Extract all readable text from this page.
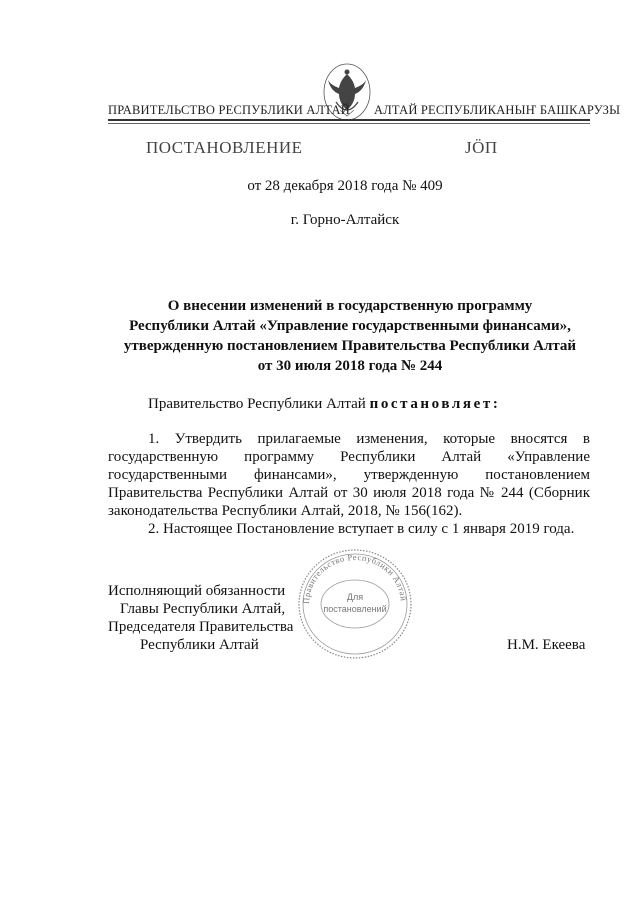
ПРАВИТЕЛЬСТВО РЕСПУБЛИКИ АЛТАЙ АЛТАЙ РЕСПУБЛИКАНЫҤ БАШКАРУЗЫ
ПОСТАНОВЛЕНИЕ	JÖП
от 28 декабря 2018 года № 409
г. Горно-Алтайск
О внесении изменений в государственную программу
Республики Алтай «Управление государственными финансами»,
утвержденную постановлением Правительства Республики Алтай
от 30 июля 2018 года № 244
Правительство Республики Алтай постановляет:
1. Утвердить прилагаемые изменения, которые вносятся в
государственную программу Республики Алтай «Управление
государственными финансами», утвержденную постановлением
Правительства Республики Алтай от 30 июля 2018 года № 244 (Сборник
законодательства Республики Алтай, 2018, № 156(162).
2. Настоящее Постановление вступает в силу с 1 января 2019 года.
Правительство Республики Алтай
Для
постановлений
Исполняющий обязанности
Главы Республики Алтай,
Председателя Правительства
Республики Алтай	Н.М. Екеева
